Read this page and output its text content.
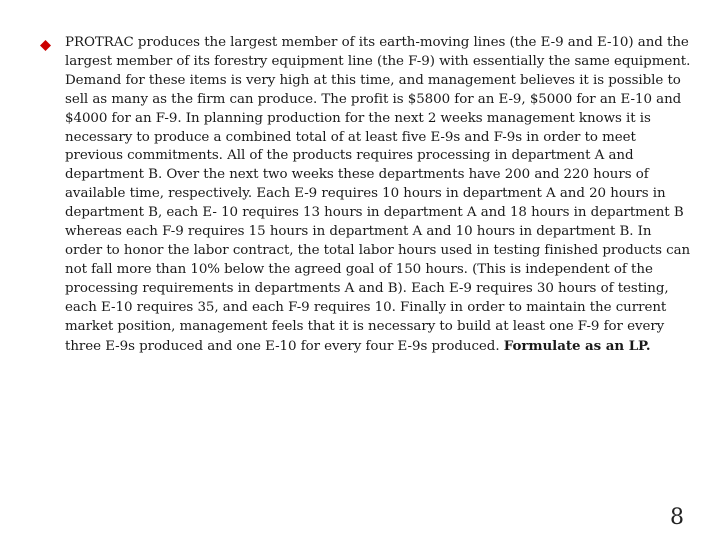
PROTRAC produces the largest member of its earth-moving lines (the E-9 and E-10) and the largest member of its forestry equipment line (the F-9) with essentially the same equipment. Demand for these items is very high at this time, and management believes it is possible to sell as many as the firm can produce. The profit is $5800 for an E-9, $5000 for an E-10 and $4000 for an F-9. In planning production for the next 2 weeks management knows it is necessary to produce a combined total of at least five E-9s and F-9s in order to meet previous commitments. All of the products requires processing in department A and department B. Over the next two weeks these departments have 200 and 220 hours of available time, respectively. Each E-9 requires 10 hours in department A and 20 hours in department B, each E- 10 requires 13 hours in department A and 18 hours in department B whereas each F-9 requires 15 hours in department A and 10 hours in department B. In order to honor the labor contract, the total labor hours used in testing finished products can not fall more than 10% below the agreed goal of 150 hours. (This is independent of the processing requirements in departments A and B). Each E-9 requires 30 hours of testing, each E-10 requires 35, and each F-9 requires 10. Finally in order to maintain the current market position, management feels that it is necessary to build at least one F-9 for every three E-9s produced and one E-10 for every four E-9s produced. Formulate as an LP.
8
